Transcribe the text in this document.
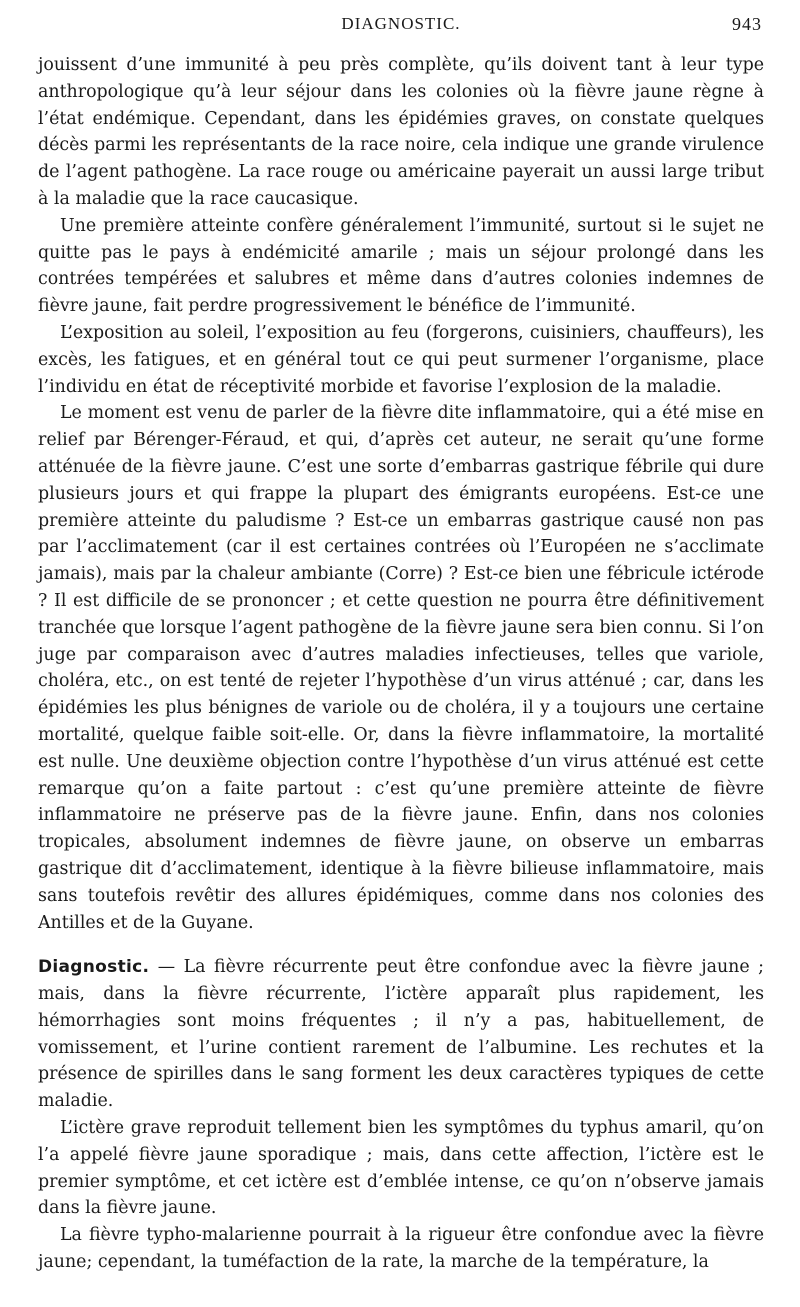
DIAGNOSTIC.	943

jouissent d’une immunité à peu près complète, qu’ils doivent tant à leur type anthropologique qu’à leur séjour dans les colonies où la fièvre jaune règne à l’état endémique. Cependant, dans les épidémies graves, on constate quelques décès parmi les représentants de la race noire, cela indique une grande virulence de l’agent pathogène. La race rouge ou américaine payerait un aussi large tribut à la maladie que la race caucasique.

Une première atteinte confère généralement l’immunité, surtout si le sujet ne quitte pas le pays à endémicité amarile ; mais un séjour prolongé dans les contrées tempérées et salubres et même dans d’autres colonies indemnes de fièvre jaune, fait perdre progressivement le bénéfice de l’immunité.

L’exposition au soleil, l’exposition au feu (forgerons, cuisiniers, chauffeurs), les excès, les fatigues, et en général tout ce qui peut surmener l’organisme, place l’individu en état de réceptivité morbide et favorise l’explosion de la maladie.

Le moment est venu de parler de la fièvre dite inflammatoire, qui a été mise en relief par Bérenger-Féraud, et qui, d’après cet auteur, ne serait qu’une forme atténuée de la fièvre jaune. C’est une sorte d’embarras gastrique fébrile qui dure plusieurs jours et qui frappe la plupart des émigrants européens. Est-ce une première atteinte du paludisme ? Est-ce un embarras gastrique causé non pas par l’acclimatement (car il est certaines contrées où l’Européen ne s’acclimate jamais), mais par la chaleur ambiante (Corre) ? Est-ce bien une fébricule ictérode ? Il est difficile de se prononcer ; et cette question ne pourra être définitivement tranchée que lorsque l’agent pathogène de la fièvre jaune sera bien connu. Si l’on juge par comparaison avec d’autres maladies infectieuses, telles que variole, choléra, etc., on est tenté de rejeter l’hypothèse d’un virus atténué ; car, dans les épidémies les plus bénignes de variole ou de choléra, il y a toujours une certaine mortalité, quelque faible soit-elle. Or, dans la fièvre inflammatoire, la mortalité est nulle. Une deuxième objection contre l’hypothèse d’un virus atténué est cette remarque qu’on a faite partout : c’est qu’une première atteinte de fièvre inflammatoire ne préserve pas de la fièvre jaune. Enfin, dans nos colonies tropicales, absolument indemnes de fièvre jaune, on observe un embarras gastrique dit d’acclimatement, identique à la fièvre bilieuse inflammatoire, mais sans toutefois revêtir des allures épidémiques, comme dans nos colonies des Antilles et de la Guyane.

Diagnostic. — La fièvre récurrente peut être confondue avec la fièvre jaune ; mais, dans la fièvre récurrente, l’ictère apparaît plus rapidement, les hémorrhagies sont moins fréquentes ; il n’y a pas, habituellement, de vomissement, et l’urine contient rarement de l’albumine. Les rechutes et la présence de spirilles dans le sang forment les deux caractères typiques de cette maladie.

L’ictère grave reproduit tellement bien les symptômes du typhus amaril, qu’on l’a appelé fièvre jaune sporadique ; mais, dans cette affection, l’ictère est le premier symptôme, et cet ictère est d’emblée intense, ce qu’on n’observe jamais dans la fièvre jaune.

La fièvre typho-malarienne pourrait à la rigueur être confondue avec la fièvre jaune; cependant, la tuméfaction de la rate, la marche de la température, la
